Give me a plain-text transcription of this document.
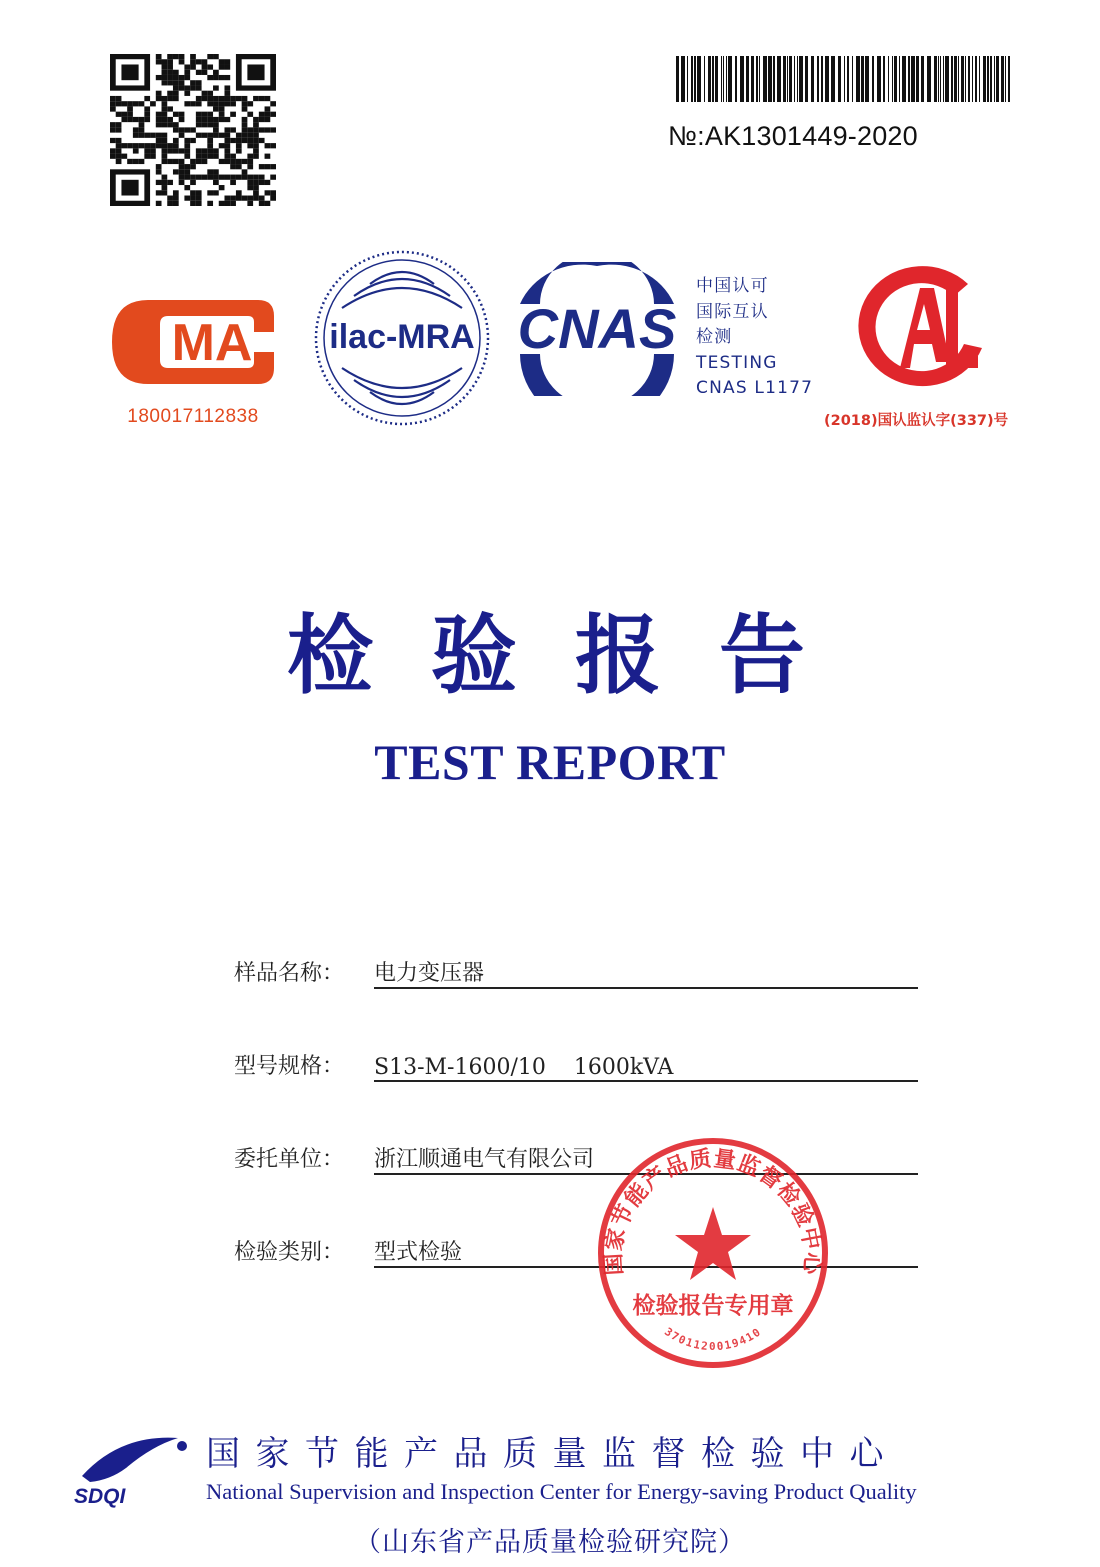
№:AK1301449-2020
MA
180017112838
ilac-MRA CNAS
中国认可
国际互认
检测
TESTING
CNAS L1177
(2018)国认监认字(337)号
检验报告
TEST REPORT
样品名称： 电力变压器
型号规格： S13-M-1600/10    1600kVA
委托单位： 浙江顺通电气有限公司
检验类别： 型式检验	国家节能产品质量监督检验中心
检验报告专用章
3701120019410
SDQI
国家节能产品质量监督检验中心
National Supervision and Inspection Center for Energy-saving Product Quality
（山东省产品质量检验研究院）
